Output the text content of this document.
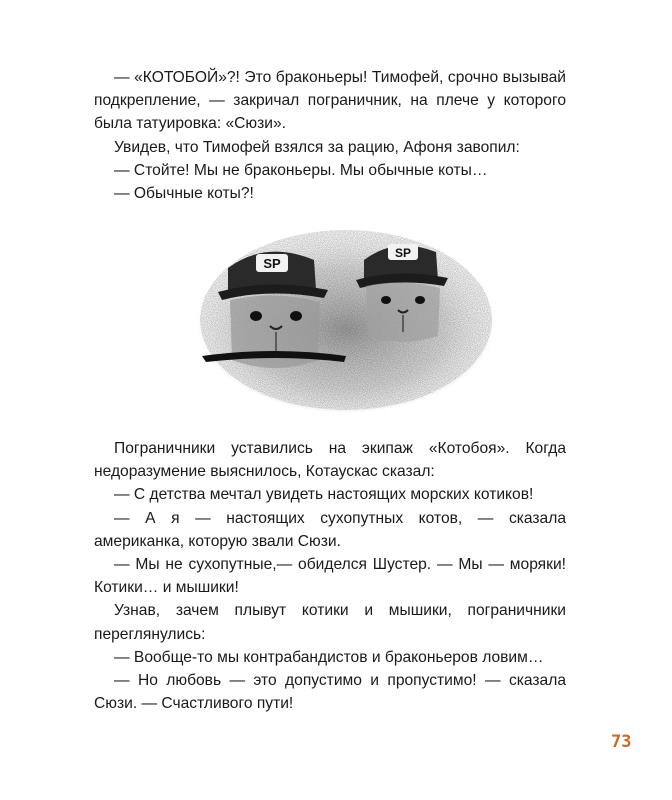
— «КОТОБОЙ»?! Это браконьеры! Тимофей, срочно вызывай подкрепление, — закричал пограничник, на плече у которого была татуировка: «Сюзи».

Увидев, что Тимофей взялся за рацию, Афоня завопил:

— Стойте! Мы не браконьеры. Мы обычные коты…

— Обычные коты?!

SP
SP

Пограничники уставились на экипаж «Котобоя». Когда недоразумение выяснилось, Котаускас сказал:

— С детства мечтал увидеть настоящих морских котиков!

— А я — настоящих сухопутных котов, — сказала американка, которую звали Сюзи.

— Мы не сухопутные,— обиделся Шустер. — Мы — моряки! Котики… и мышики!

Узнав, зачем плывут котики и мышики, пограничники переглянулись:

— Вообще-то мы контрабандистов и браконьеров ловим…

— Но любовь — это допустимо и пропустимо! — сказала Сюзи. — Счастливого пути!

73
